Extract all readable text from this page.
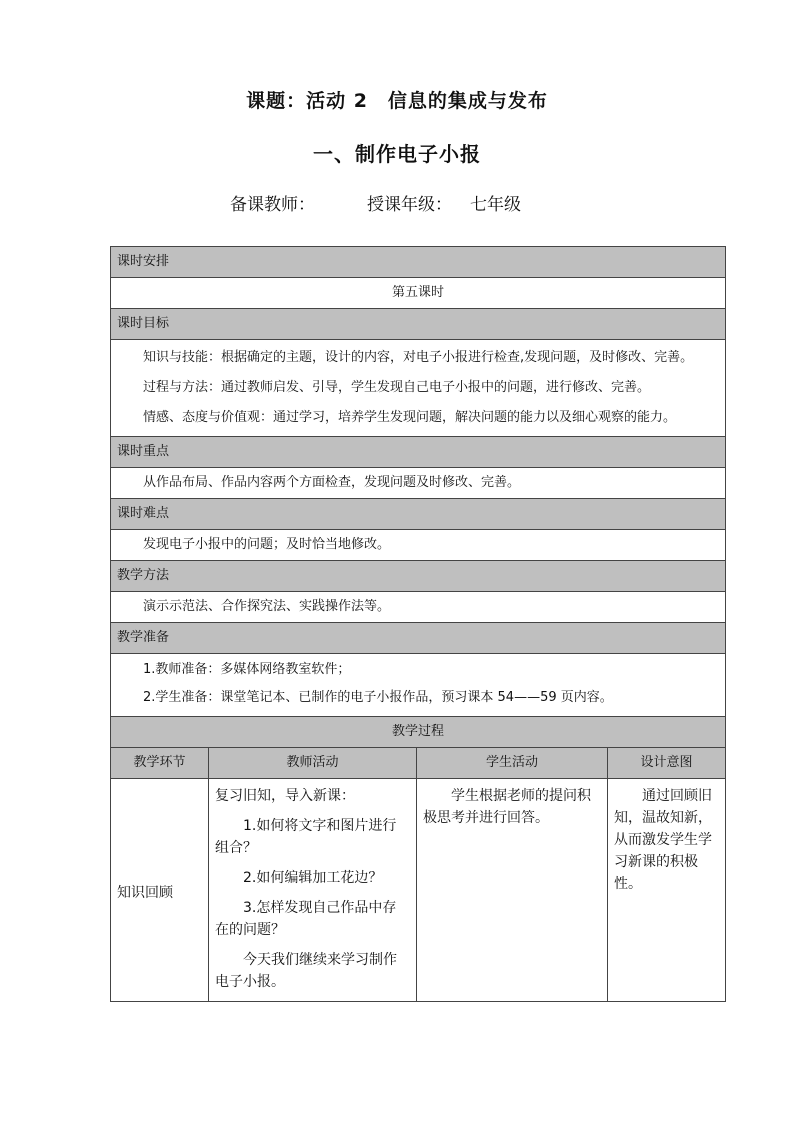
课题：活动 2　信息的集成与发布
一、制作电子小报
备课教师：	授课年级： 七年级
课时安排			
第五课时			
课时目标			

知识与技能：根据确定的主题，设计的内容，对电子小报进行检查,发现问题，及时修改、完善。

过程与方法：通过教师启发、引导，学生发现自己电子小报中的问题，进行修改、完善。

情感、态度与价值观：通过学习，培养学生发现问题，解决问题的能力以及细心观察的能力。			

课时重点			
从作品布局、作品内容两个方面检查，发现问题及时修改、完善。			
课时难点			
发现电子小报中的问题；及时恰当地修改。			
教学方法			
演示示范法、合作探究法、实践操作法等。			
教学准备			

1.教师准备：多媒体网络教室软件；

2.学生准备：课堂笔记本、已制作的电子小报作品，预习课本 54——59 页内容。			

教学过程			
教学环节	教师活动	学生活动	设计意图
知识回顾	复习旧知，导入新课：

1.如何将文字和图片进行组合？

2.如何编辑加工花边？

3.怎样发现自己作品中存在的问题？

今天我们继续来学习制作电子小报。	学生根据老师的提问积极思考并进行回答。	通过回顾旧知，温故知新，从而激发学生学习新课的积极性。
